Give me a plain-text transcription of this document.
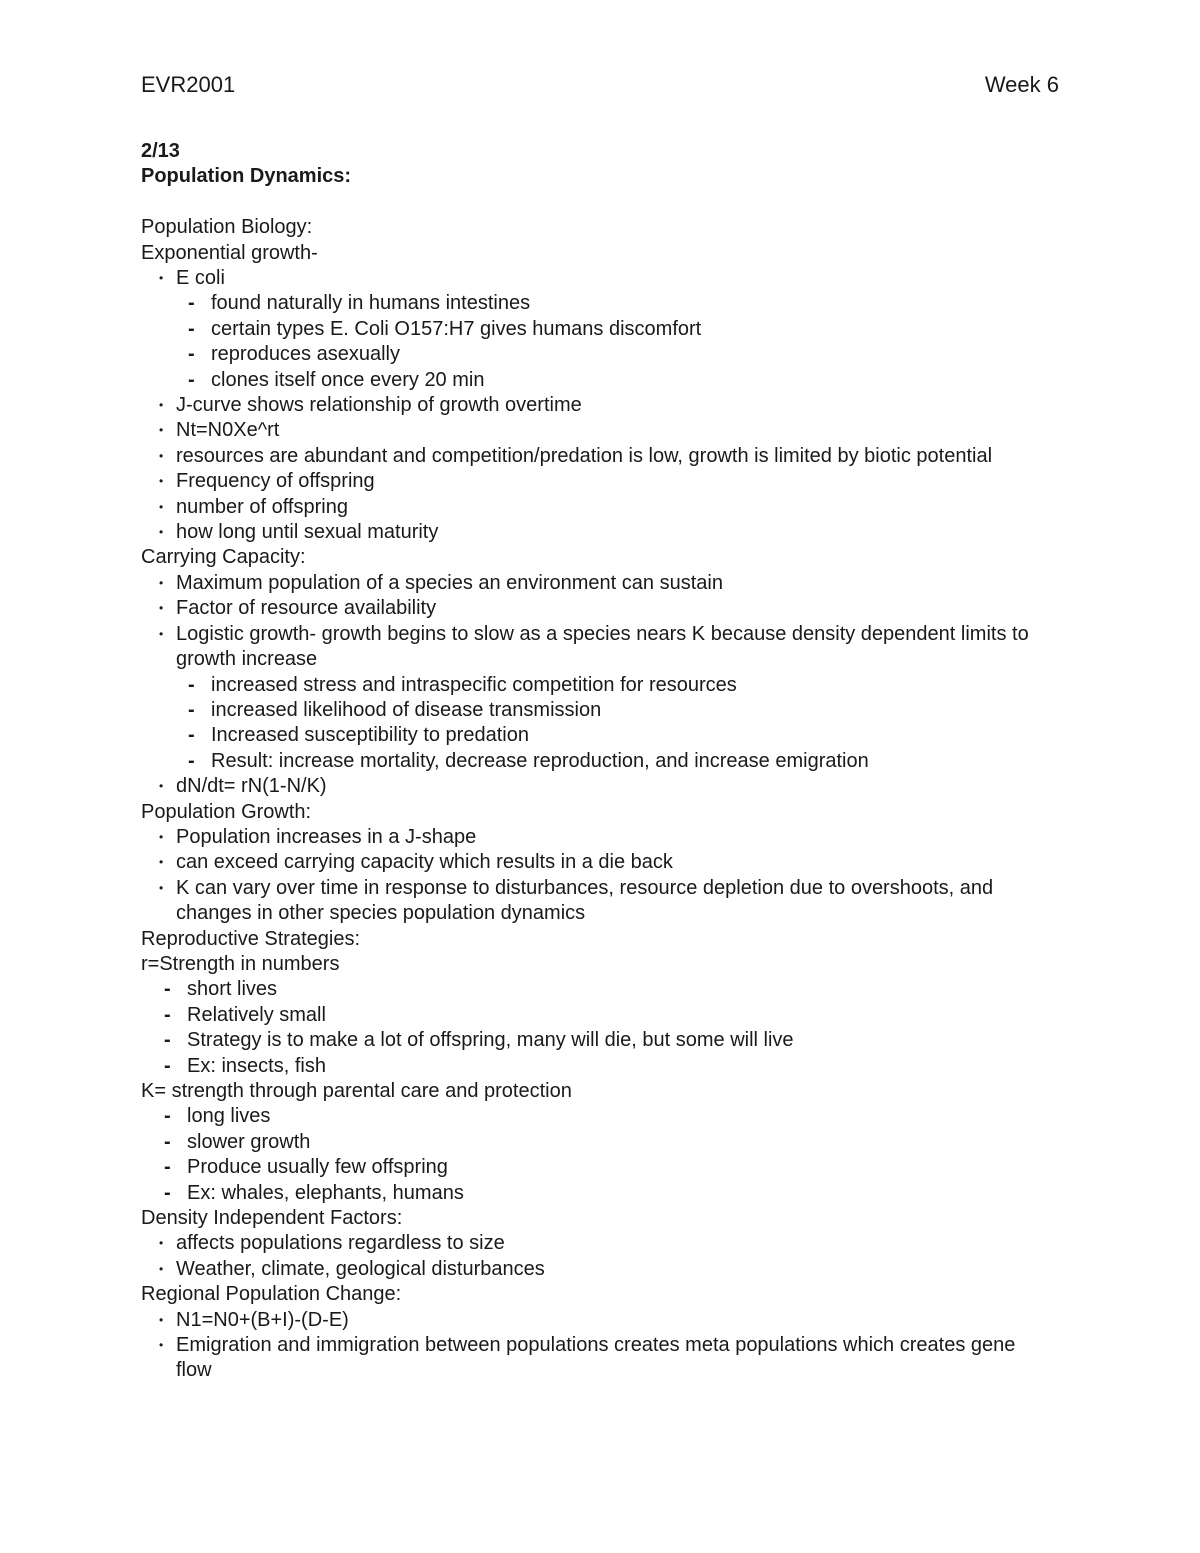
EVR2001	Week 6

2/13

Population Dynamics:

Population Biology:

Exponential growth-

• E coli
- found naturally in humans intestines
- certain types E. Coli O157:H7 gives humans discomfort
- reproduces asexually
- clones itself once every 20 min
• J-curve shows relationship of growth overtime
• Nt=N0Xe^rt
• resources are abundant and competition/predation is low, growth is limited by biotic potential
• Frequency of offspring
• number of offspring
• how long until sexual maturity

Carrying Capacity:

• Maximum population of a species an environment can sustain
• Factor of resource availability
• Logistic growth- growth begins to slow as a species nears K because density dependent limits to growth increase
- increased stress and intraspecific competition for resources
- increased likelihood of disease transmission
- Increased susceptibility to predation
- Result: increase mortality, decrease reproduction, and increase emigration
• dN/dt= rN(1-N/K)

Population Growth:

• Population increases in a J-shape
• can exceed carrying capacity which results in a die back
• K can vary over time in response to disturbances, resource depletion due to overshoots, and changes in other species population dynamics

Reproductive Strategies:

r=Strength in numbers

- short lives
- Relatively small
- Strategy is to make a lot of offspring, many will die, but some will live
- Ex: insects, fish

K= strength through parental care and protection

- long lives
- slower growth
- Produce usually few offspring
- Ex: whales, elephants, humans

Density Independent Factors:

• affects populations regardless to size
• Weather, climate, geological disturbances

Regional Population Change:

• N1=N0+(B+I)-(D-E)
• Emigration and immigration between populations creates meta populations which creates gene flow
